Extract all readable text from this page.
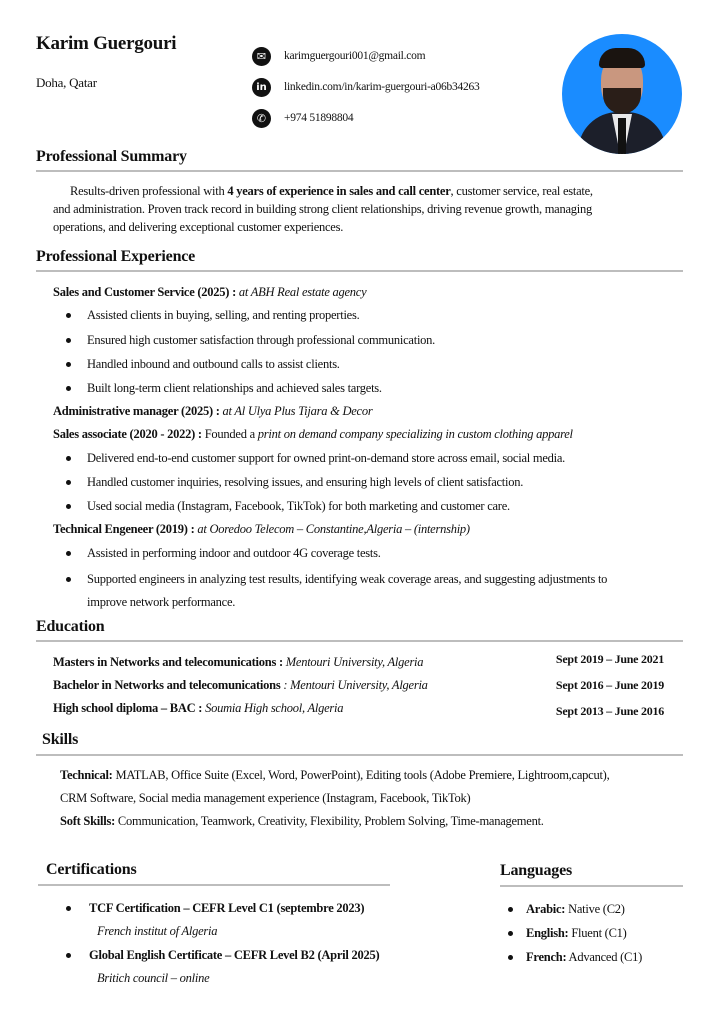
Karim Guergouri
Doha, Qatar
✉	karimguergouri001@gmail.com
in	linkedin.com/in/karim-guergouri-a06b34263
✆	+974 51898804
Professional Summary
Results-driven professional with 4 years of experience in sales and call center, customer service, real estate,
and administration. Proven track record in building strong client relationships, driving revenue growth, managing
operations, and delivering exceptional customer experiences.
Professional Experience
Sales and Customer Service (2025) : at ABH Real estate agency
Assisted clients in buying, selling, and renting properties.
Ensured high customer satisfaction through professional communication.
Handled inbound and outbound calls to assist clients.
Built long-term client relationships and achieved sales targets.
Administrative manager (2025) : at Al Ulya Plus Tijara & Decor
Sales associate (2020 - 2022) : Founded a print on demand company specializing in custom clothing apparel
Delivered end-to-end customer support for owned print-on-demand store across email, social media.
Handled customer inquiries, resolving issues, and ensuring high levels of client satisfaction.
Used social media (Instagram, Facebook, TikTok) for both marketing and customer care.
Technical Engeneer (2019) : at Ooredoo Telecom – Constantine,Algeria – (internship)
Assisted in performing indoor and outdoor 4G coverage tests.
Supported engineers in analyzing test results, identifying weak coverage areas, and suggesting adjustments to
improve network performance.
Education
Masters in Networks and telecomunications : Mentouri University, Algeria	Sept 2019 – June 2021
Bachelor in Networks and telecomunications : Mentouri University, Algeria	Sept 2016 – June 2019
High school diploma – BAC : Soumia High school, Algeria	Sept 2013 – June 2016
Skills
Technical: MATLAB, Office Suite (Excel, Word, PowerPoint), Editing tools (Adobe Premiere, Lightroom,capcut),
CRM Software, Social media management experience (Instagram, Facebook, TikTok)
Soft Skills: Communication, Teamwork, Creativity, Flexibility, Problem Solving, Time-management.
Certifications
TCF Certification – CEFR Level C1 (septembre 2023)
French institut of Algeria
Global English Certificate – CEFR Level B2 (April 2025)
Britich council – online
Languages
Arabic: Native (C2)
English: Fluent (C1)
French: Advanced (C1)
